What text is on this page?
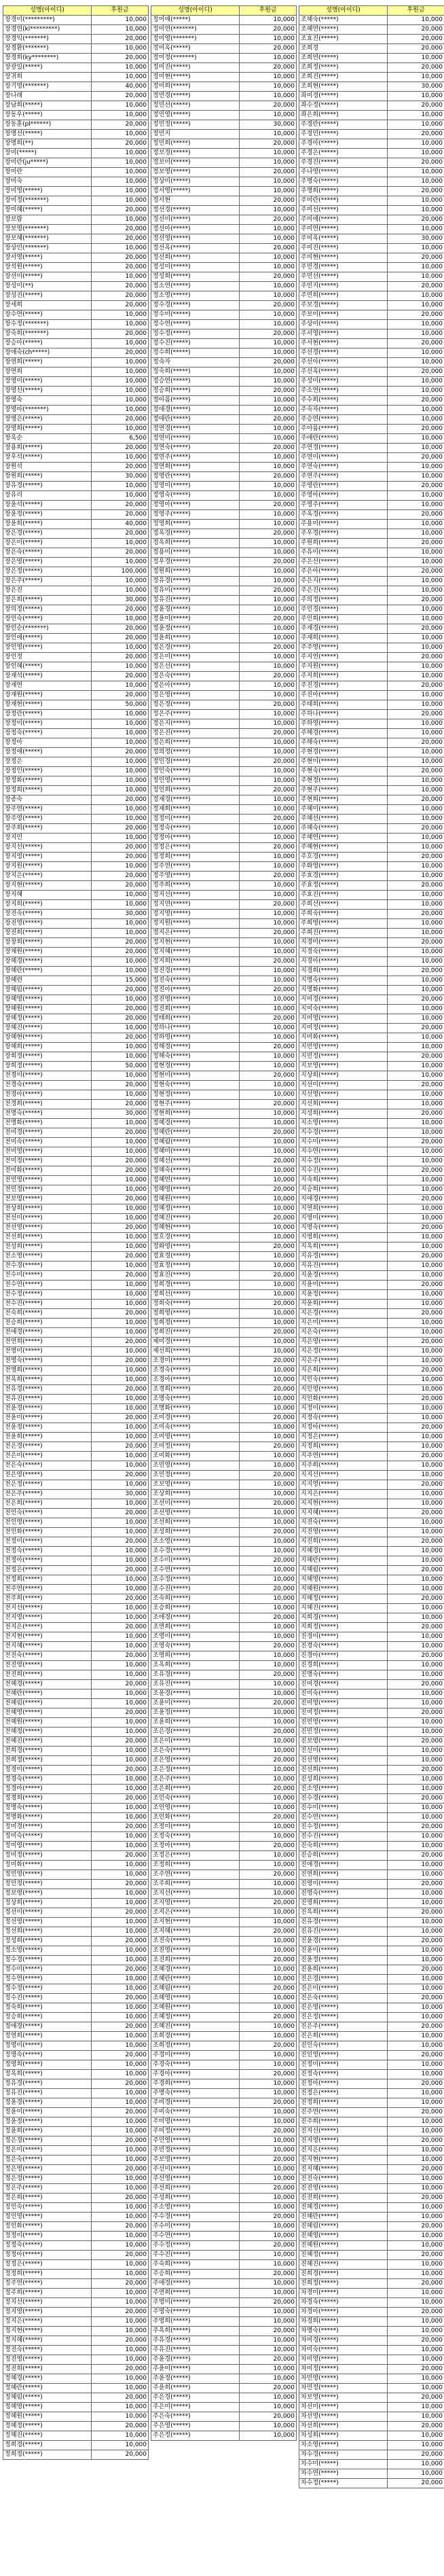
성명(아이디)	후원금
장경미(*********)	10,000
장경연(kl*********)	10,000
장경익(*******)	20,000
장경환(*******)	10,000
장경희(ky********)	20,000
장광일(*****)	10,000
장귀희	10,000
장기영(*******)	40,000
장나래	20,000
장남희(*****)	10,000
장동우(*****)	10,000
장동훈(pl******)	20,000
장명선(*****)	10,000
장명희(**)	20,000
장미(*****)	10,000
장미란(ju*****)	10,000
장미란	10,000
장미숙	10,000
장미영(*****)	10,000
장미정(*******)	10,000
장미혜(*****)	20,000
장보람	10,000
장보영(*******)	20,000
장보혜(*******)	20,000
장상민(*******)	10,000
장서영(*****)	20,000
장석원(*****)	20,000
장선미(*****)	10,000
장성미(**)	20,000
장성진(*****)	20,000
장세희	20,000
장수연(*****)	10,000
장수정(*******)	10,000
장숙희(*******)	20,000
장승아(*****)	10,000
장애숙(ch*****)	20,000
장연희(*****)	10,000
장연희	10,000
장영미(*****)	10,000
장영선(*****)	10,000
장영숙	10,000
장영아(*******)	10,000
장영은(*****)	20,000
장영희(*****)	10,000
장옥순	6,500
장용희(*****)	20,000
장우석(*****)	10,000
장원석	20,000
장원희(*****)	30,000
장유경(*****)	10,000
장유리	10,000
장윤석(*****)	20,000
장윤정(*****)	20,000
장윤희(*****)	40,000
장은경(*****)	20,000
장은미(*****)	10,000
장은숙(*****)	20,000
장은영(*****)	10,000
장은정(*****)	100,000
장은주(*****)	10,000
장은진	10,000
장은희(*****)	30,000
장의정(*****)	20,000
장인숙(*****)	10,000
장인순(*******)	20,000
장인애(*****)	20,000
장인영(*****)	10,000
장인정	20,000
장인혜(*****)	10,000
장재석(*****)	20,000
장재연	10,000
장재원(*****)	20,000
장재현(*****)	50,000
장정란(*****)	10,000
장정미(*****)	10,000
장정숙(*****)	10,000
장정아	10,000
장정애(*****)	20,000
장정은	10,000
장정인(*****)	10,000
장정화(*****)	10,000
장정희(*****)	10,000
장종숙	20,000
장주연(*****)	10,000
장주영(*****)	10,000
장주희(*****)	20,000
장지민	10,000
장지선(*****)	20,000
장지영(*****)	20,000
장지원(*****)	10,000
장지은(*****)	20,000
장지현(*****)	20,000
장지혜	10,000
장지희(*****)	10,000
장진숙(*****)	30,000
장진영(*****)	10,000
장진희(*****)	10,000
장창희(*****)	20,000
장채원(*****)	20,000
장혜경(*****)	10,000
장혜란(*****)	10,000
장혜련	15,000
장혜림(*****)	20,000
장혜영(*****)	10,000
장혜원(*****)	20,000
장혜정(*****)	20,000
장혜진(*****)	10,000
장혜현(*****)	20,000
장혜희(*****)	10,000
장희경(*****)	10,000
장희정(*****)	50,000
전경미(*****)	10,000
전경숙(*****)	20,000
전경아(*****)	10,000
전경희(*****)	20,000
전명숙(*****)	30,000
전명화(*****)	10,000
전미경(*****)	20,000
전미숙(*****)	10,000
전미영(*****)	10,000
전미정(*****)	20,000
전미화(*****)	20,000
전민영(*****)	10,000
전민정(*****)	10,000
전보영(*****)	20,000
전상희(*****)	10,000
전선미(*****)	10,000
전선영(*****)	20,000
전선희(*****)	10,000
전성희(*****)	10,000
전소영(*****)	20,000
전수경(*****)	10,000
전수미(*****)	20,000
전수연(*****)	10,000
전수정(*****)	10,000
전수진(*****)	10,000
전숙희(*****)	20,000
전승희(*****)	10,000
전애경(*****)	10,000
전연희(*****)	20,000
전영미(*****)	10,000
전영숙(*****)	20,000
전영희(*****)	10,000
전옥희(*****)	10,000
전유경(*****)	20,000
전유진(*****)	10,000
전윤경(*****)	10,000
전윤미(*****)	20,000
전윤정(*****)	10,000
전윤희(*****)	10,000
전은경(*****)	20,000
전은미(*****)	10,000
전은숙(*****)	10,000
전은영(*****)	20,000
전은정(*****)	10,000
전은주(*****)	30,000
전은희(*****)	10,000
전인숙(*****)	20,000
전인영(*****)	10,000
전인화(*****)	10,000
전정미(*****)	20,000
전정숙(*****)	10,000
전정아(*****)	10,000
전정은(*****)	20,000
전정희(*****)	10,000
전주연(*****)	10,000
전주희(*****)	20,000
전지선(*****)	10,000
전지영(*****)	10,000
전지은(*****)	20,000
전지현(*****)	10,000
전지혜(*****)	10,000
전진숙(*****)	20,000
전진영(*****)	10,000
전진희(*****)	10,000
전혜경(*****)	20,000
전혜란(*****)	10,000
전혜림(*****)	10,000
전혜영(*****)	20,000
전혜원(*****)	10,000
전혜정(*****)	10,000
전혜진(*****)	20,000
전희경(*****)	10,000
전희정(*****)	10,000
정경미(*****)	20,000
정경숙(*****)	10,000
정경아(*****)	10,000
정경희(*****)	20,000
정명숙(*****)	10,000
정명화(*****)	10,000
정미경(*****)	20,000
정미숙(*****)	10,000
정미영(*****)	10,000
정미정(*****)	20,000
정미화(*****)	10,000
정민영(*****)	10,000
정민정(*****)	20,000
정보영(*****)	10,000
정상희(*****)	10,000
정선미(*****)	20,000
정선영(*****)	10,000
정선희(*****)	10,000
정성희(*****)	20,000
정소영(*****)	10,000
정수경(*****)	10,000
정수미(*****)	20,000
정수연(*****)	10,000
정수정(*****)	10,000
정수진(*****)	20,000
정숙희(*****)	10,000
정승희(*****)	10,000
정애경(*****)	20,000
정연희(*****)	10,000
정영미(*****)	10,000
정영숙(*****)	20,000
정영희(*****)	10,000
정옥희(*****)	10,000
정유경(*****)	20,000
정유진(*****)	10,000
정윤경(*****)	10,000
정윤미(*****)	20,000
정윤정(*****)	10,000
정윤희(*****)	10,000
정은경(*****)	20,000
정은미(*****)	10,000
정은숙(*****)	10,000
정은영(*****)	20,000
정은정(*****)	10,000
정은주(*****)	10,000
정은희(*****)	20,000
정인숙(*****)	10,000
정인영(*****)	10,000
정인화(*****)	20,000
정정미(*****)	10,000
정정숙(*****)	10,000
정정아(*****)	20,000
정정은(*****)	10,000
정정희(*****)	10,000
정주연(*****)	20,000
정주희(*****)	10,000
정지선(*****)	10,000
정지영(*****)	20,000
정지은(*****)	10,000
정지현(*****)	10,000
정지혜(*****)	20,000
정진숙(*****)	10,000
정진영(*****)	10,000
정진희(*****)	20,000
정혜경(*****)	10,000
정혜란(*****)	10,000
정혜림(*****)	20,000
정혜영(*****)	10,000
정혜원(*****)	10,000
정혜정(*****)	20,000
정혜진(*****)	10,000
정희경(*****)	10,000
정희정(*****)	20,000
성명(아이디)	후원금
정미애(*****)	10,000
정미연(*******)	20,000
정미영(*******)	10,000
정미옥(*****)	20,000
정미정(*******)	10,000
정미진(*****)	20,000
정미현(*****)	10,000
정미희(*****)	10,000
정민경(*****)	10,000
정민선(*****)	20,000
정민영(*****)	10,000
정민정(*****)	30,000
정민지	10,000
정민희(*****)	20,000
정보경(*****)	10,000
정보미(*****)	10,000
정보영(*****)	20,000
정상미(*****)	10,000
정서영(*****)	10,000
정서현	20,000
정선경(*****)	10,000
정선미(*****)	20,000
정선아(*****)	10,000
정선영(*****)	10,000
정선옥(*****)	20,000
정선희(*****)	10,000
정성미(*****)	10,000
정성희(*****)	20,000
정소연(*****)	10,000
정소영(*****)	10,000
정수경(*****)	20,000
정수미(*****)	10,000
정수연(*****)	10,000
정수정(*****)	20,000
정수진(*****)	10,000
정수희(*****)	10,000
정숙자	20,000
정숙희(*****)	10,000
정승연(*****)	10,000
정승희(*****)	20,000
정아름(*****)	10,000
정애경(*****)	10,000
정애란(*****)	20,000
정연경(*****)	10,000
정연미(*****)	10,000
정연숙(*****)	20,000
정연주(*****)	10,000
정연희(*****)	10,000
정영란(*****)	20,000
정영미(*****)	10,000
정영숙(*****)	10,000
정영아(*****)	20,000
정영주(*****)	10,000
정영희(*****)	10,000
정옥경(*****)	20,000
정옥희(*****)	10,000
정용미(*****)	10,000
정우경(*****)	20,000
정원희(*****)	10,000
정유경(*****)	10,000
정유미(*****)	20,000
정유진(*****)	10,000
정윤경(*****)	10,000
정윤미(*****)	20,000
정윤정(*****)	10,000
정윤희(*****)	10,000
정은경(*****)	20,000
정은미(*****)	10,000
정은선(*****)	10,000
정은숙(*****)	20,000
정은아(*****)	10,000
정은영(*****)	10,000
정은정(*****)	20,000
정은주(*****)	10,000
정은지(*****)	10,000
정은진(*****)	20,000
정은희(*****)	10,000
정의정(*****)	10,000
정인경(*****)	20,000
정인숙(*****)	10,000
정인영(*****)	10,000
정인희(*****)	20,000
정재경(*****)	10,000
정재희(*****)	10,000
정정미(*****)	20,000
정정숙(*****)	10,000
정정아(*****)	10,000
정정은(*****)	20,000
정정희(*****)	10,000
정주연(*****)	10,000
정주영(*****)	20,000
정주희(*****)	10,000
정지선(*****)	10,000
정지연(*****)	20,000
정지영(*****)	10,000
정지원(*****)	10,000
정지은(*****)	20,000
정지현(*****)	10,000
정지혜(*****)	10,000
정지희(*****)	20,000
정진경(*****)	10,000
정진숙(*****)	10,000
정진아(*****)	20,000
정진영(*****)	10,000
정진희(*****)	10,000
정태희(*****)	20,000
정하나(*****)	10,000
정하영(*****)	10,000
정해경(*****)	20,000
정해숙(*****)	10,000
정현경(*****)	10,000
정현미(*****)	20,000
정현숙(*****)	10,000
정현정(*****)	10,000
정현주(*****)	20,000
정현희(*****)	10,000
정혜경(*****)	10,000
정혜란(*****)	20,000
정혜림(*****)	10,000
정혜미(*****)	10,000
정혜선(*****)	20,000
정혜숙(*****)	10,000
정혜연(*****)	10,000
정혜영(*****)	20,000
정혜원(*****)	10,000
정혜정(*****)	10,000
정혜진(*****)	20,000
정혜현(*****)	10,000
정호경(*****)	10,000
정화영(*****)	20,000
정효경(*****)	10,000
정효정(*****)	10,000
정효진(*****)	20,000
정희경(*****)	10,000
정희선(*****)	10,000
정희숙(*****)	20,000
정희영(*****)	10,000
정희정(*****)	10,000
정희진(*****)	20,000
제미경(*****)	10,000
제선희(*****)	10,000
조경미(*****)	20,000
조경숙(*****)	10,000
조경아(*****)	10,000
조경희(*****)	20,000
조명숙(*****)	10,000
조명화(*****)	10,000
조미경(*****)	20,000
조미숙(*****)	10,000
조미영(*****)	10,000
조미정(*****)	20,000
조미화(*****)	10,000
조민영(*****)	10,000
조민정(*****)	20,000
조보영(*****)	10,000
조상희(*****)	10,000
조선미(*****)	20,000
조선영(*****)	10,000
조선희(*****)	10,000
조성희(*****)	20,000
조소영(*****)	10,000
조수경(*****)	10,000
조수미(*****)	20,000
조수연(*****)	10,000
조수정(*****)	10,000
조수진(*****)	20,000
조숙희(*****)	10,000
조승희(*****)	10,000
조애경(*****)	20,000
조연희(*****)	10,000
조영미(*****)	10,000
조영숙(*****)	20,000
조영희(*****)	10,000
조옥희(*****)	10,000
조유경(*****)	20,000
조유진(*****)	10,000
조윤경(*****)	10,000
조윤미(*****)	20,000
조윤정(*****)	10,000
조윤희(*****)	10,000
조은경(*****)	20,000
조은미(*****)	10,000
조은숙(*****)	10,000
조은영(*****)	20,000
조은정(*****)	10,000
조은주(*****)	10,000
조은희(*****)	20,000
조인숙(*****)	10,000
조인영(*****)	10,000
조인화(*****)	20,000
조정미(*****)	10,000
조정숙(*****)	10,000
조정아(*****)	20,000
조정은(*****)	10,000
조정희(*****)	10,000
조주연(*****)	20,000
조주희(*****)	10,000
조지선(*****)	10,000
조지영(*****)	20,000
조지은(*****)	10,000
조지현(*****)	10,000
조지혜(*****)	20,000
조진숙(*****)	10,000
조진영(*****)	10,000
조진희(*****)	20,000
조혜경(*****)	10,000
조혜란(*****)	10,000
조혜림(*****)	20,000
조혜영(*****)	10,000
조혜원(*****)	10,000
조혜정(*****)	20,000
조혜진(*****)	10,000
조희경(*****)	10,000
조희정(*****)	20,000
주경미(*****)	10,000
주경숙(*****)	10,000
주경아(*****)	20,000
주경희(*****)	10,000
주명숙(*****)	10,000
주미경(*****)	20,000
주미숙(*****)	10,000
주미영(*****)	10,000
주미정(*****)	20,000
주민영(*****)	10,000
주민정(*****)	10,000
주보영(*****)	20,000
주선미(*****)	10,000
주선영(*****)	10,000
주선희(*****)	20,000
주성희(*****)	10,000
주소영(*****)	10,000
주수경(*****)	20,000
주수미(*****)	10,000
주수연(*****)	10,000
주수정(*****)	20,000
주수진(*****)	10,000
주숙희(*****)	10,000
주승희(*****)	20,000
주애경(*****)	10,000
주연희(*****)	10,000
주영미(*****)	20,000
주영숙(*****)	10,000
주영희(*****)	10,000
주옥희(*****)	20,000
주유경(*****)	10,000
주유진(*****)	10,000
주윤경(*****)	20,000
주윤미(*****)	10,000
주윤정(*****)	10,000
주윤희(*****)	20,000
주은경(*****)	10,000
주은미(*****)	10,000
주은숙(*****)	20,000
주은영(*****)	10,000
주은정(*****)	10,000
성명(아이디)	후원금
조혜숙(*****)	10,000
조혜연(*****)	20,000
조효진(*****)	20,000
조희경	20,000
조희연(*****)	10,000
조희정(*****)	20,000
조희진(*****)	10,000
조희현(*****)	30,000
좌미경(*****)	10,000
좌수정(*****)	20,000
좌은희(*****)	10,000
주경란(*****)	10,000
주경민(*****)	20,000
주경아(*****)	10,000
주경은(*****)	10,000
주경진(*****)	20,000
주나영(*****)	10,000
주명숙(*****)	10,000
주명희(*****)	20,000
주미란(*****)	10,000
주미선(*****)	10,000
주미애(*****)	20,000
주미연(*****)	10,000
주미옥(*****)	30,000
주미진(*****)	10,000
주미현(*****)	20,000
주민경(*****)	10,000
주민선(*****)	10,000
주민지(*****)	20,000
주민희(*****)	10,000
주보경(*****)	10,000
주보미(*****)	20,000
주상미(*****)	10,000
주서영(*****)	10,000
주서현(*****)	20,000
주선경(*****)	10,000
주선아(*****)	10,000
주선옥(*****)	20,000
주성미(*****)	10,000
주소연(*****)	10,000
주수희(*****)	20,000
주숙자(*****)	10,000
주승연(*****)	10,000
주아름(*****)	20,000
주애란(*****)	10,000
주연경(*****)	10,000
주연미(*****)	20,000
주연숙(*****)	10,000
주연주(*****)	10,000
주영란(*****)	20,000
주영아(*****)	10,000
주영주(*****)	10,000
주옥경(*****)	20,000
주용미(*****)	10,000
주우경(*****)	10,000
주원희(*****)	20,000
주유미(*****)	10,000
주은선(*****)	10,000
주은아(*****)	20,000
주은지(*****)	10,000
주은진(*****)	10,000
주의정(*****)	20,000
주인경(*****)	10,000
주인희(*****)	10,000
주재경(*****)	20,000
주재희(*****)	10,000
주주영(*****)	10,000
주지연(*****)	20,000
주지원(*****)	10,000
주지희(*****)	10,000
주진경(*****)	20,000
주진아(*****)	10,000
주태희(*****)	10,000
주하나(*****)	20,000
주하영(*****)	10,000
주해경(*****)	10,000
주해숙(*****)	20,000
주현경(*****)	10,000
주현미(*****)	10,000
주현숙(*****)	20,000
주현정(*****)	10,000
주현주(*****)	10,000
주현희(*****)	20,000
주혜미(*****)	10,000
주혜선(*****)	10,000
주혜숙(*****)	20,000
주혜연(*****)	10,000
주혜현(*****)	10,000
주호경(*****)	20,000
주화영(*****)	10,000
주효경(*****)	10,000
주효정(*****)	20,000
주효진(*****)	10,000
주희선(*****)	10,000
주희숙(*****)	20,000
주희영(*****)	10,000
주희진(*****)	10,000
지경미(*****)	20,000
지경숙(*****)	10,000
지경아(*****)	10,000
지경희(*****)	20,000
지명숙(*****)	10,000
지명화(*****)	10,000
지미경(*****)	20,000
지미숙(*****)	10,000
지미영(*****)	10,000
지미정(*****)	20,000
지미화(*****)	10,000
지민영(*****)	10,000
지민정(*****)	20,000
지보영(*****)	10,000
지상희(*****)	10,000
지선미(*****)	20,000
지선영(*****)	10,000
지선희(*****)	10,000
지성희(*****)	20,000
지소영(*****)	10,000
지수경(*****)	10,000
지수미(*****)	20,000
지수연(*****)	10,000
지수정(*****)	10,000
지수진(*****)	20,000
지숙희(*****)	10,000
지승희(*****)	10,000
지애경(*****)	20,000
지연희(*****)	10,000
지영미(*****)	10,000
지영숙(*****)	20,000
지영희(*****)	10,000
지옥희(*****)	10,000
지유경(*****)	20,000
지유진(*****)	10,000
지윤경(*****)	10,000
지윤미(*****)	20,000
지윤정(*****)	10,000
지윤희(*****)	10,000
지은경(*****)	20,000
지은미(*****)	10,000
지은숙(*****)	10,000
지은영(*****)	20,000
지은정(*****)	10,000
지은주(*****)	10,000
지은희(*****)	20,000
지인숙(*****)	10,000
지인영(*****)	10,000
지인화(*****)	20,000
지정미(*****)	10,000
지정숙(*****)	10,000
지정아(*****)	20,000
지정은(*****)	10,000
지정희(*****)	10,000
지주연(*****)	20,000
지주희(*****)	10,000
지지선(*****)	10,000
지지영(*****)	20,000
지지은(*****)	10,000
지지현(*****)	10,000
지지혜(*****)	20,000
지진숙(*****)	10,000
지진영(*****)	10,000
지진희(*****)	20,000
지혜경(*****)	10,000
지혜란(*****)	10,000
지혜림(*****)	20,000
지혜영(*****)	10,000
지혜원(*****)	10,000
지혜정(*****)	20,000
지혜진(*****)	10,000
지희경(*****)	10,000
지희정(*****)	20,000
진경미(*****)	10,000
진경숙(*****)	10,000
진경아(*****)	20,000
진경희(*****)	10,000
진명숙(*****)	10,000
진미경(*****)	20,000
진미숙(*****)	10,000
진미영(*****)	10,000
진미정(*****)	20,000
진민영(*****)	10,000
진민정(*****)	10,000
진보영(*****)	20,000
진선미(*****)	10,000
진선영(*****)	10,000
진선희(*****)	20,000
진성희(*****)	10,000
진소영(*****)	10,000
진수경(*****)	20,000
진수미(*****)	10,000
진수연(*****)	10,000
진수정(*****)	20,000
진수진(*****)	10,000
진숙희(*****)	10,000
진승희(*****)	20,000
진애경(*****)	10,000
진연희(*****)	10,000
진영미(*****)	20,000
진영숙(*****)	10,000
진영희(*****)	10,000
진옥희(*****)	20,000
진유경(*****)	10,000
진유진(*****)	10,000
진윤경(*****)	20,000
진윤미(*****)	10,000
진윤정(*****)	10,000
진윤희(*****)	20,000
진은경(*****)	10,000
진은미(*****)	10,000
진은숙(*****)	20,000
진은영(*****)	10,000
진은정(*****)	10,000
진은주(*****)	20,000
진은희(*****)	10,000
진인숙(*****)	10,000
진인영(*****)	20,000
진정미(*****)	10,000
진정숙(*****)	10,000
진정아(*****)	20,000
진정은(*****)	10,000
진정희(*****)	10,000
진주연(*****)	20,000
진주희(*****)	10,000
진지선(*****)	10,000
진지영(*****)	20,000
진지은(*****)	10,000
진지현(*****)	10,000
진지혜(*****)	20,000
진진숙(*****)	10,000
진진영(*****)	10,000
진진희(*****)	20,000
진혜경(*****)	10,000
진혜란(*****)	10,000
진혜림(*****)	20,000
진혜영(*****)	10,000
진혜원(*****)	10,000
진혜정(*****)	20,000
진혜진(*****)	10,000
진희경(*****)	10,000
진희정(*****)	20,000
차경미(*****)	10,000
차경숙(*****)	10,000
차경아(*****)	20,000
차경희(*****)	10,000
차명숙(*****)	10,000
차미경(*****)	20,000
차미숙(*****)	10,000
차미영(*****)	10,000
차미정(*****)	20,000
차민영(*****)	10,000
차민정(*****)	10,000
차보영(*****)	20,000
차선미(*****)	10,000
차선영(*****)	10,000
차선희(*****)	20,000
차성희(*****)	10,000
차소영(*****)	10,000
차수경(*****)	20,000
차수미(*****)	10,000
차수연(*****)	10,000
차수정(*****)	20,000
